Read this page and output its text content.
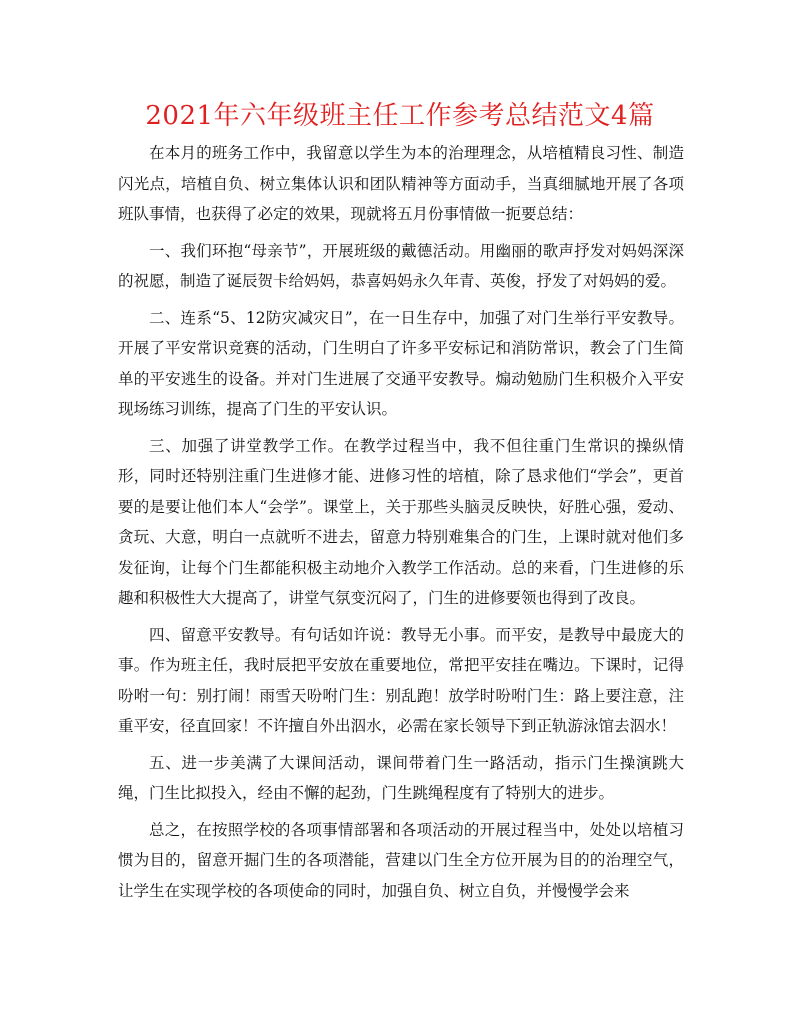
2021年六年级班主任工作参考总结范文4篇

在本月的班务工作中，我留意以学生为本的治理理念，从培植精良习性、制造闪光点，培植自负、树立集体认识和团队精神等方面动手，当真细腻地开展了各项班队事情，也获得了必定的效果，现就将五月份事情做一扼要总结：

一、我们环抱“母亲节”，开展班级的戴德活动。用幽丽的歌声抒发对妈妈深深的祝愿，制造了诞辰贺卡给妈妈，恭喜妈妈永久年青、英俊，抒发了对妈妈的爱。

二、连系“5、12防灾减灾日”，在一日生存中，加强了对门生举行平安教导。开展了平安常识竞赛的活动，门生明白了许多平安标记和消防常识，教会了门生简单的平安逃生的设备。并对门生进展了交通平安教导。煽动勉励门生积极介入平安现场练习训练，提高了门生的平安认识。

三、加强了讲堂教学工作。在教学过程当中，我不但往重门生常识的操纵情形，同时还特别注重门生进修才能、进修习性的培植，除了恳求他们“学会”，更首要的是要让他们本人“会学”。课堂上，关于那些头脑灵反映快，好胜心强，爱动、贪玩、大意，明白一点就听不进去，留意力特别难集合的门生，上课时就对他们多发征询，让每个门生都能积极主动地介入教学工作活动。总的来看，门生进修的乐趣和积极性大大提高了，讲堂气氛变沉闷了，门生的进修要领也得到了改良。

四、留意平安教导。有句话如许说：教导无小事。而平安，是教导中最庞大的事。作为班主任，我时辰把平安放在重要地位，常把平安挂在嘴边。下课时，记得吩咐一句：别打闹！雨雪天吩咐门生：别乱跑！放学时吩咐门生：路上要注意，注重平安，径直回家！不许擅自外出泅水，必需在家长领导下到正轨游泳馆去泅水！

五、进一步美满了大课间活动，课间带着门生一路活动，指示门生操演跳大绳，门生比拟投入，经由不懈的起劲，门生跳绳程度有了特别大的进步。

总之，在按照学校的各项事情部署和各项活动的开展过程当中，处处以培植习惯为目的，留意开掘门生的各项潜能，营建以门生全方位开展为目的的治理空气，让学生在实现学校的各项使命的同时，加强自负、树立自负，并慢慢学会来
